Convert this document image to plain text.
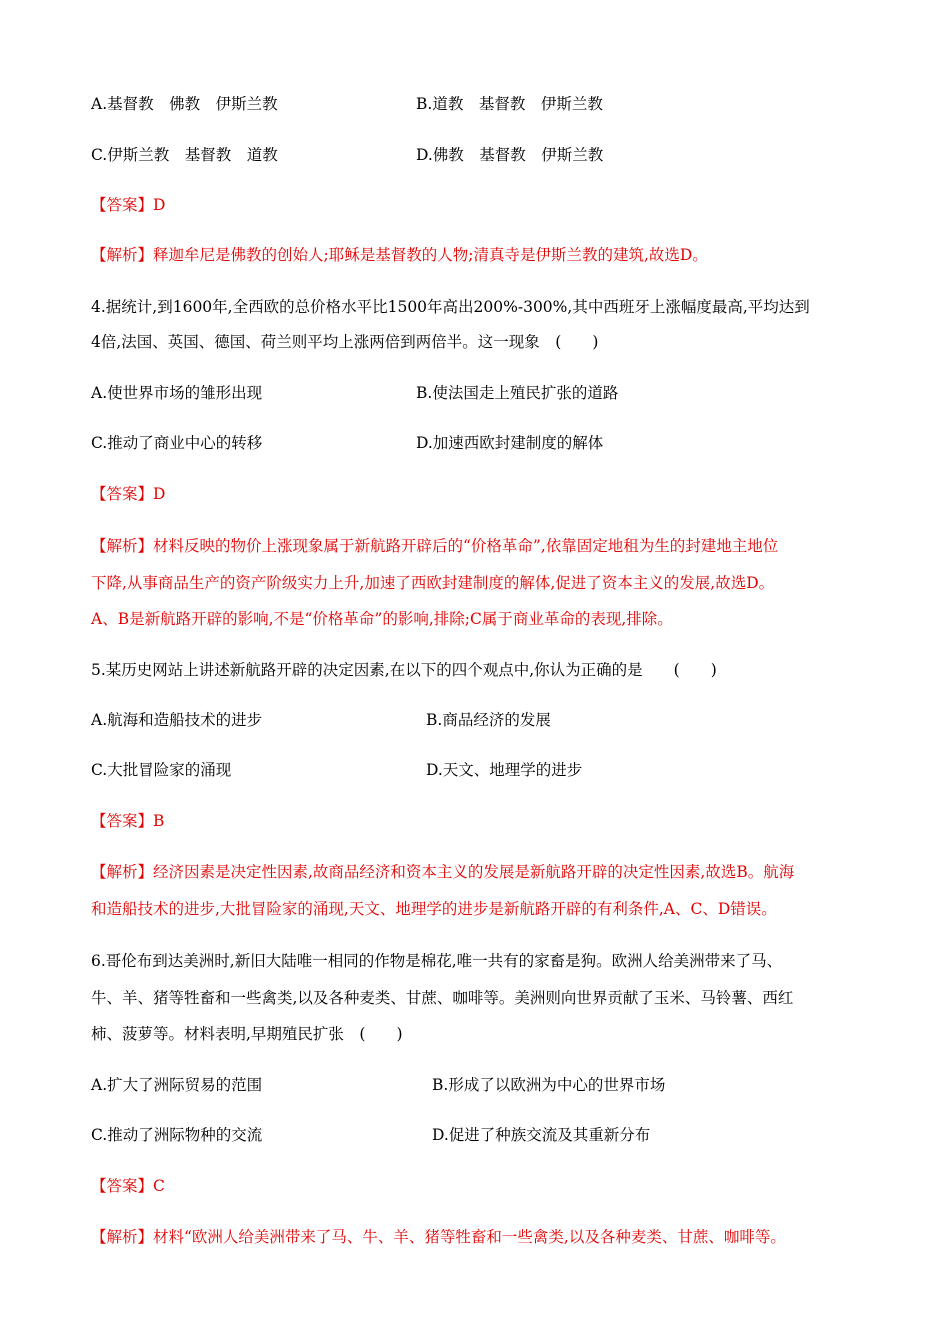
A.基督教　佛教　伊斯兰教	B.道教　基督教　伊斯兰教
C.伊斯兰教　基督教　道教	D.佛教　基督教　伊斯兰教
【答案】D
【解析】释迦牟尼是佛教的创始人;耶稣是基督教的人物;清真寺是伊斯兰教的建筑,故选D。
4.据统计,到1600年,全西欧的总价格水平比1500年高出200%-300%,其中西班牙上涨幅度最高,平均达到
4倍,法国、英国、德国、荷兰则平均上涨两倍到两倍半。这一现象　(　　)
A.使世界市场的雏形出现	B.使法国走上殖民扩张的道路
C.推动了商业中心的转移	D.加速西欧封建制度的解体
【答案】D
【解析】材料反映的物价上涨现象属于新航路开辟后的“价格革命”,依靠固定地租为生的封建地主地位
下降,从事商品生产的资产阶级实力上升,加速了西欧封建制度的解体,促进了资本主义的发展,故选D。
A、B是新航路开辟的影响,不是“价格革命”的影响,排除;C属于商业革命的表现,排除。
5.某历史网站上讲述新航路开辟的决定因素,在以下的四个观点中,你认为正确的是　　(　　)
A.航海和造船技术的进步	B.商品经济的发展
C.大批冒险家的涌现	D.天文、地理学的进步
【答案】B
【解析】经济因素是决定性因素,故商品经济和资本主义的发展是新航路开辟的决定性因素,故选B。航海
和造船技术的进步,大批冒险家的涌现,天文、地理学的进步是新航路开辟的有利条件,A、C、D错误。
6.哥伦布到达美洲时,新旧大陆唯一相同的作物是棉花,唯一共有的家畜是狗。欧洲人给美洲带来了马、
牛、羊、猪等牲畜和一些禽类,以及各种麦类、甘蔗、咖啡等。美洲则向世界贡献了玉米、马铃薯、西红
柿、菠萝等。材料表明,早期殖民扩张　(　　)
A.扩大了洲际贸易的范围	B.形成了以欧洲为中心的世界市场
C.推动了洲际物种的交流	D.促进了种族交流及其重新分布
【答案】C
【解析】材料“欧洲人给美洲带来了马、牛、羊、猪等牲畜和一些禽类,以及各种麦类、甘蔗、咖啡等。
